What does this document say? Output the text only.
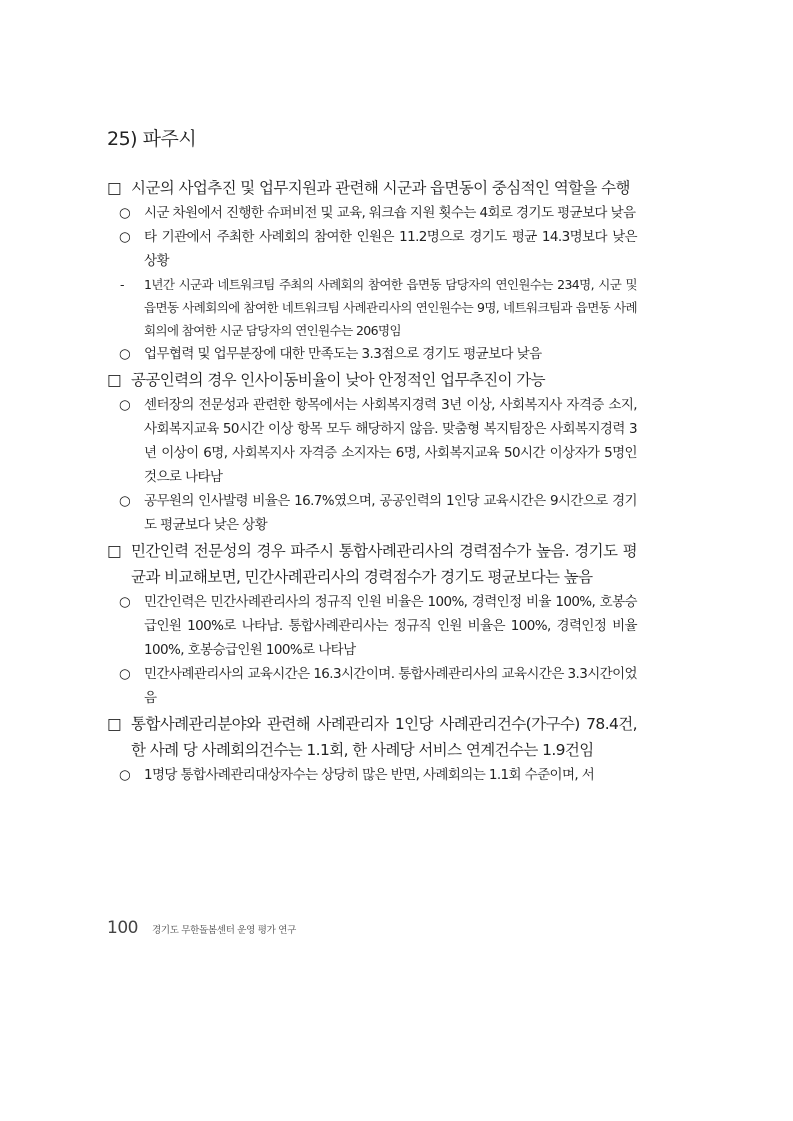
25) 파주시
□ 시군의 사업추진 및 업무지원과 관련해 시군과 읍면동이 중심적인 역할을 수행
○ 시군 차원에서 진행한 슈퍼비전 및 교육, 워크숍 지원 횟수는 4회로 경기도 평균보다 낮음
○ 타 기관에서 주최한 사례회의 참여한 인원은 11.2명으로 경기도 평균 14.3명보다 낮은 상황
- 1년간 시군과 네트워크팀 주최의 사례회의 참여한 읍면동 담당자의 연인원수는 234명, 시군 및 읍면동 사례회의에 참여한 네트워크팀 사례관리사의 연인원수는 9명, 네트워크팀과 읍면동 사례회의에 참여한 시군 담당자의 연인원수는 206명임
○ 업무협력 및 업무분장에 대한 만족도는 3.3점으로 경기도 평균보다 낮음
□ 공공인력의 경우 인사이동비율이 낮아 안정적인 업무추진이 가능
○ 센터장의 전문성과 관련한 항목에서는 사회복지경력 3년 이상, 사회복지사 자격증 소지, 사회복지교육 50시간 이상 항목 모두 해당하지 않음. 맞춤형 복지팀장은 사회복지경력 3년 이상이 6명, 사회복지사 자격증 소지자는 6명, 사회복지교육 50시간 이상자가 5명인 것으로 나타남
○ 공무원의 인사발령 비율은 16.7%였으며, 공공인력의 1인당 교육시간은 9시간으로 경기도 평균보다 낮은 상황
□ 민간인력 전문성의 경우 파주시 통합사례관리사의 경력점수가 높음. 경기도 평균과 비교해보면, 민간사례관리사의 경력점수가 경기도 평균보다는 높음
○ 민간인력은 민간사례관리사의 정규직 인원 비율은 100%, 경력인정 비율 100%, 호봉승급인원 100%로 나타남. 통합사례관리사는 정규직 인원 비율은 100%, 경력인정 비율 100%, 호봉승급인원 100%로 나타남
○ 민간사례관리사의 교육시간은 16.3시간이며. 통합사례관리사의 교육시간은 3.3시간이었음
□ 통합사례관리분야와 관련해 사례관리자 1인당 사례관리건수(가구수) 78.4건, 한 사례 당 사례회의건수는 1.1회, 한 사례당 서비스 연계건수는 1.9건임
○ 1명당 통합사례관리대상자수는 상당히 많은 반면, 사례회의는 1.1회 수준이며, 서
100 경기도 무한돌봄센터 운영 평가 연구
